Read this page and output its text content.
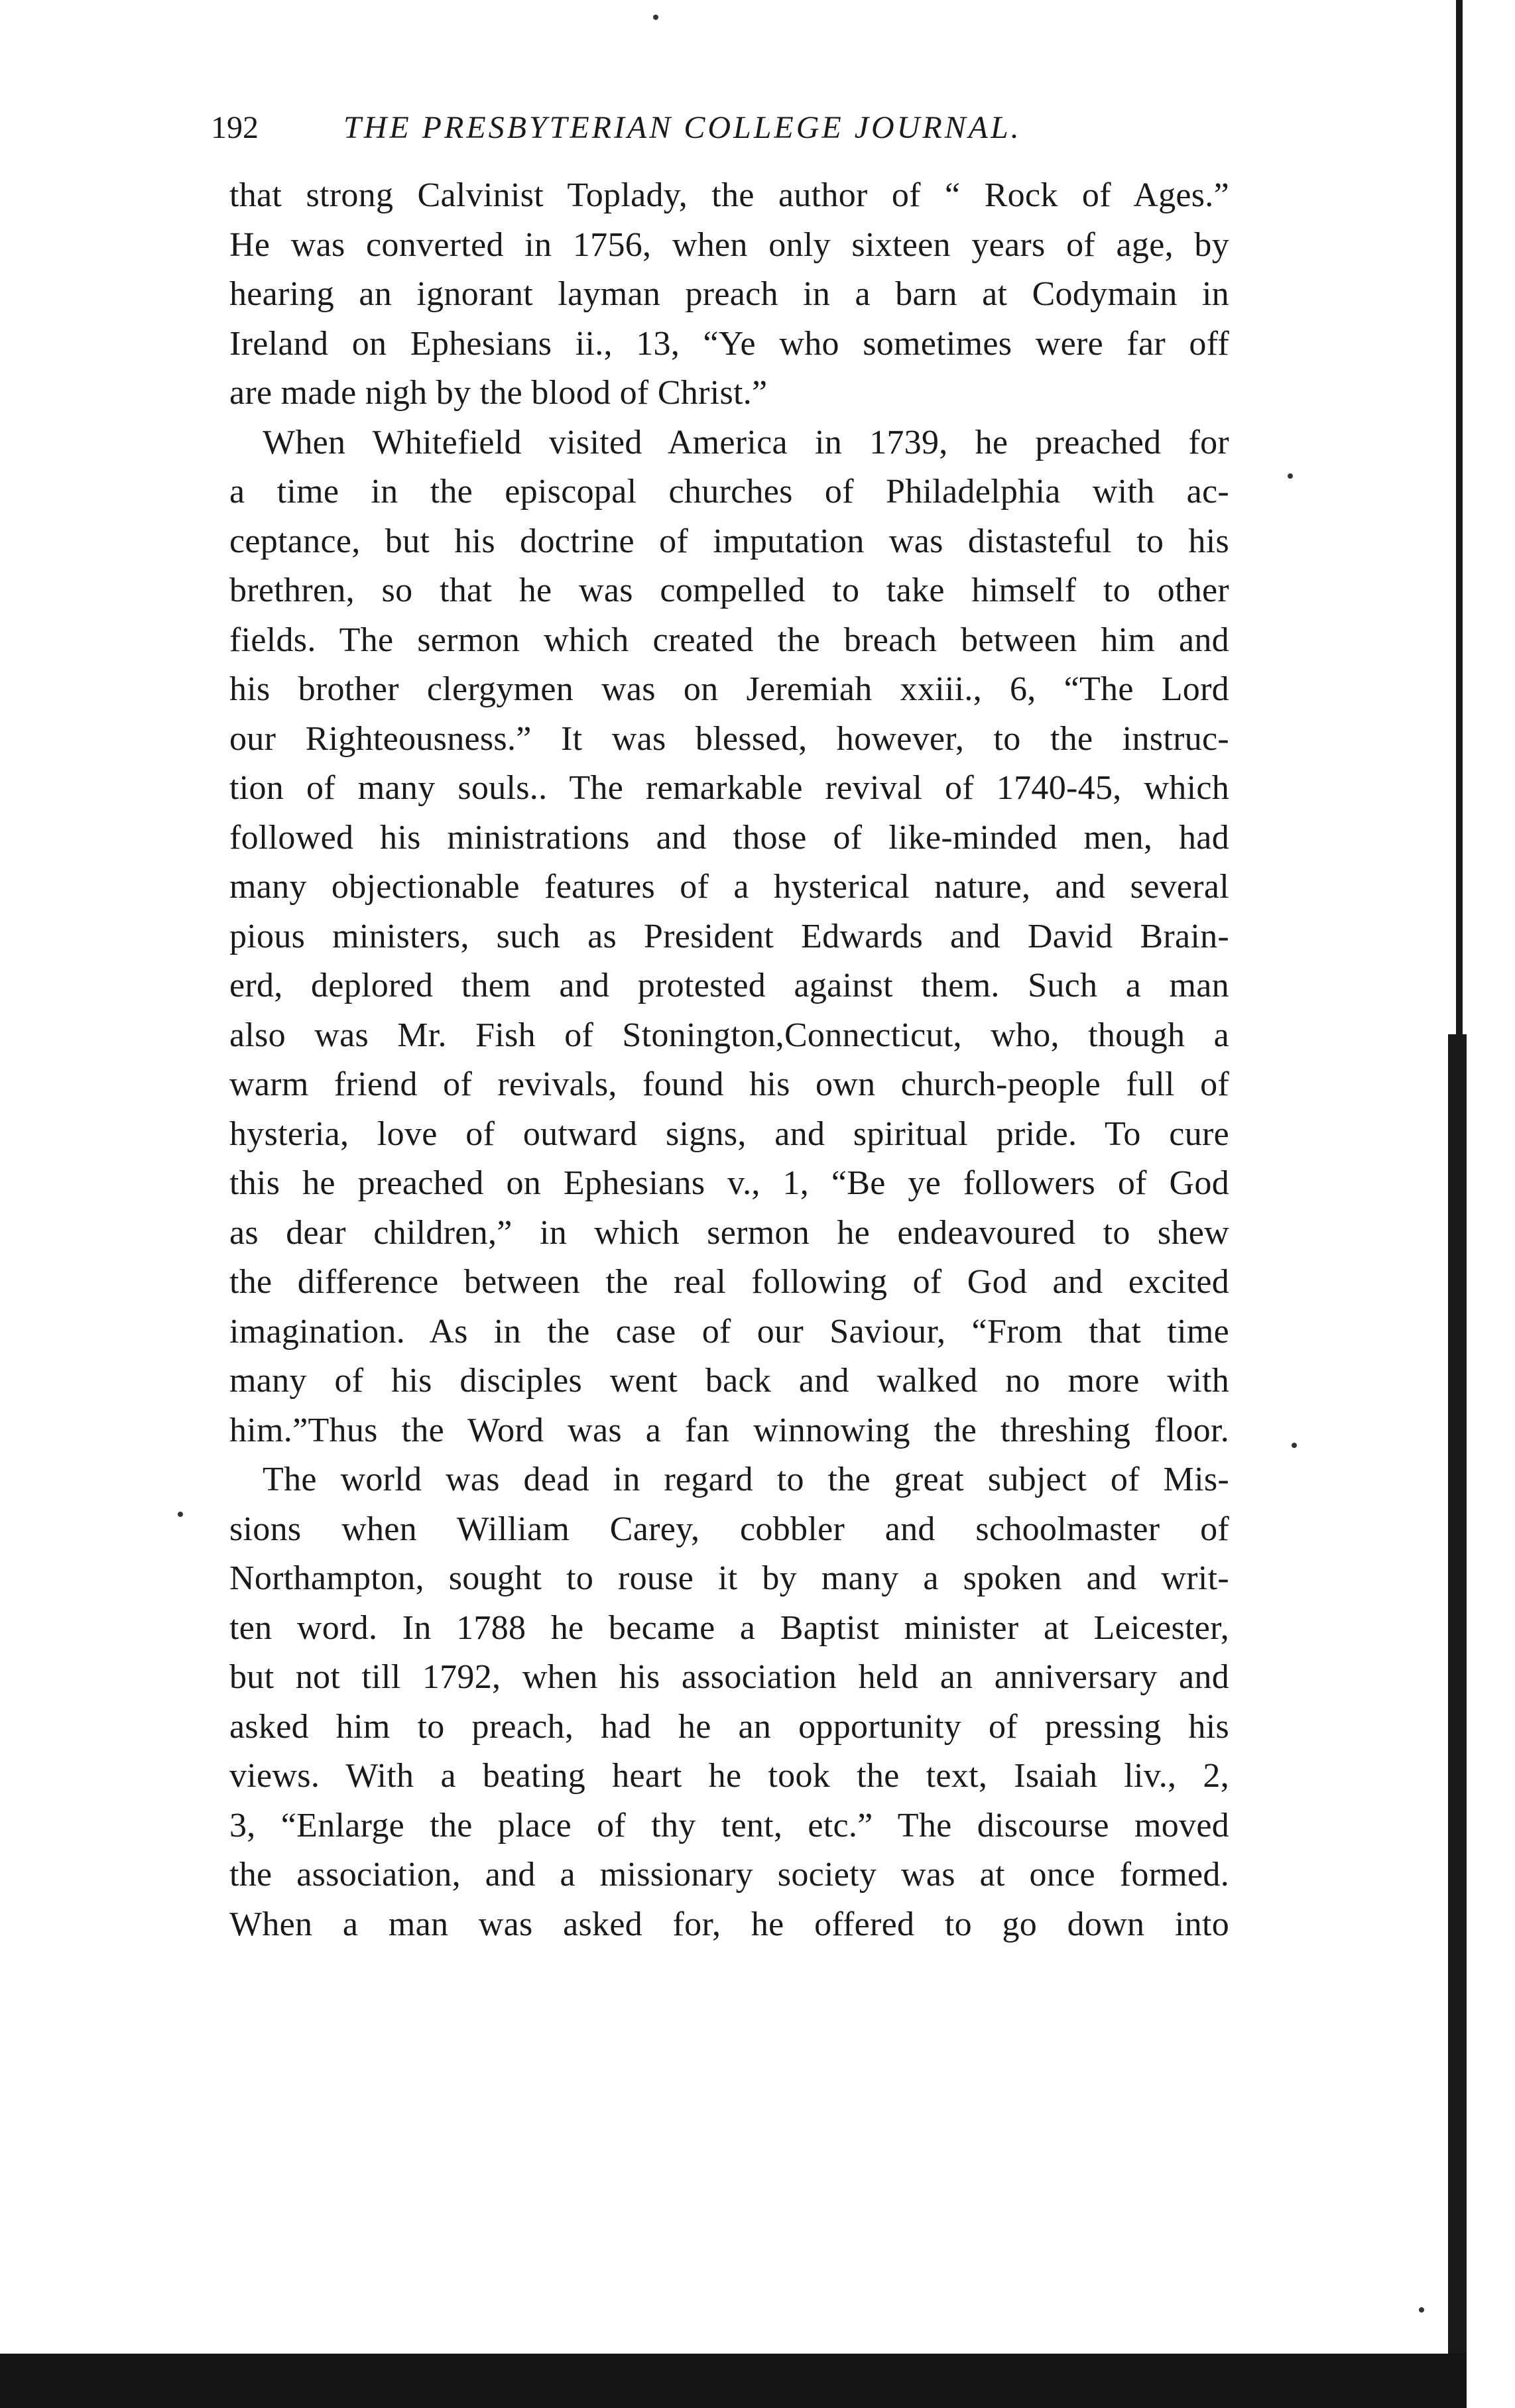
192	THE PRESBYTERIAN COLLEGE JOURNAL.
that strong Calvinist Toplady, the author of “ Rock of Ages.”
He was converted in 1756, when only sixteen years of age, by
hearing an ignorant layman preach in a barn at Codymain in
Ireland on Ephesians ii., 13, “Ye who sometimes were far off
are made nigh by the blood of Christ.”
When Whitefield visited America in 1739, he preached for
a time in the episcopal churches of Philadelphia with ac-
ceptance, but his doctrine of imputation was distasteful to his
brethren, so that he was compelled to take himself to other
fields. The sermon which created the breach between him and
his brother clergymen was on Jeremiah xxiii., 6, “The Lord
our Righteousness.” It was blessed, however, to the instruc-
tion of many souls.. The remarkable revival of 1740-45, which
followed his ministrations and those of like-minded men, had
many objectionable features of a hysterical nature, and several
pious ministers, such as President Edwards and David Brain-
erd, deplored them and protested against them. Such a man
also was Mr. Fish of Stonington,Connecticut, who, though a
warm friend of revivals, found his own church-people full of
hysteria, love of outward signs, and spiritual pride. To cure
this he preached on Ephesians v., 1, “Be ye followers of God
as dear children,” in which sermon he endeavoured to shew
the difference between the real following of God and excited
imagination. As in the case of our Saviour, “From that time
many of his disciples went back and walked no more with
him.”Thus the Word was a fan winnowing the threshing floor.
The world was dead in regard to the great subject of Mis-
sions when William Carey, cobbler and schoolmaster of
Northampton, sought to rouse it by many a spoken and writ-
ten word. In 1788 he became a Baptist minister at Leicester,
but not till 1792, when his association held an anniversary and
asked him to preach, had he an opportunity of pressing his
views. With a beating heart he took the text, Isaiah liv., 2,
3, “Enlarge the place of thy tent, etc.” The discourse moved
the association, and a missionary society was at once formed.
When a man was asked for, he offered to go down into
